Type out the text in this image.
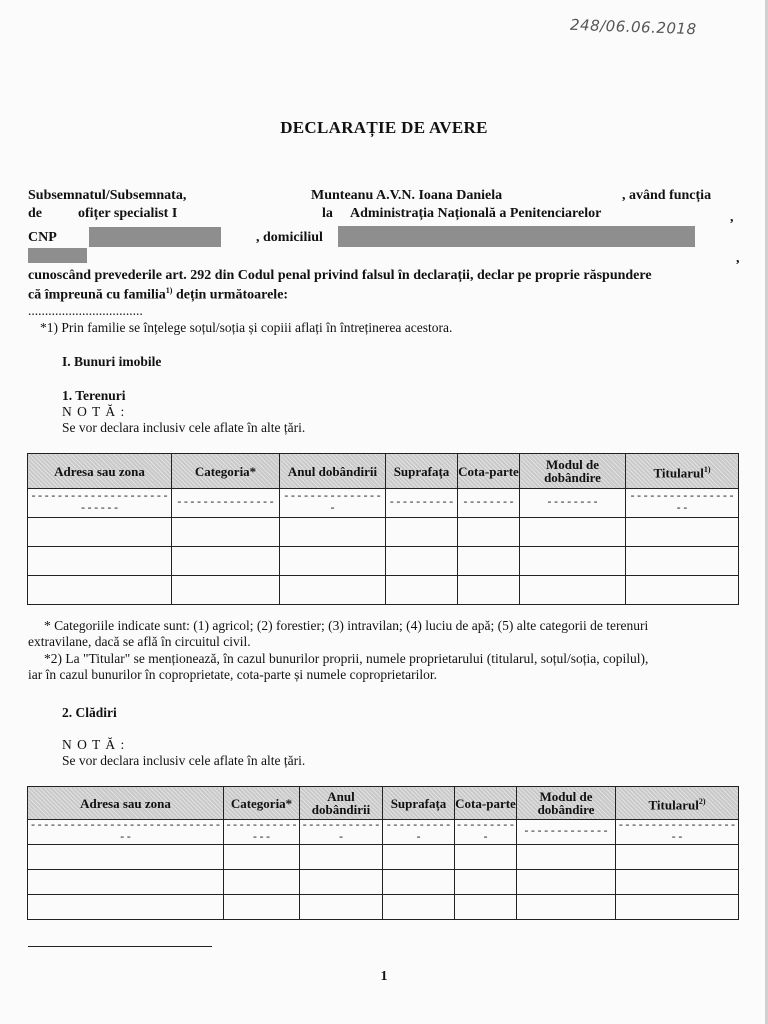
248/06.06.2018
DECLARAȚIE DE AVERE
Subsemnatul/Subsemnata,	Munteanu A.V.N. Ioana Daniela	, având funcția
de	ofițer specialist I	la Administrația Națională a Penitenciarelor	,
CNP	, domiciliul
,
cunoscând prevederile art. 292 din Codul penal privind falsul în declarații, declar pe proprie răspundere
că împreună cu familia$^{1)}$ dețin următoarele:
..................................
*1) Prin familie se înțelege soțul/soția și copiii aflați în întreținerea acestora.
I. Bunuri imobile
1. Terenuri
N O T Ă :
Se vor declara inclusiv cele aflate în alte țări.
Adresa sau zona	Categoria*	Anul dobândirii	Suprafața	Cota-parte	Modul de dobândire	Titularul$^{1)}$
---------------------------	---------------	----------------	----------	--------	--------	------------------

* Categoriile indicate sunt: (1) agricol; (2) forestier; (3) intravilan; (4) luciu de apă; (5) alte categorii de terenuri
extravilane, dacă se află în circuitul civil.
*2) La "Titular" se menționează, în cazul bunurilor proprii, numele proprietarului (titularul, soțul/soția, copilul),
iar în cazul bunurilor în coproprietate, cota-parte și numele coproprietarilor.
2. Clădiri
N O T Ă :
Se vor declara inclusiv cele aflate în alte țări.
Adresa sau zona	Categoria*	Anul dobândirii	Suprafața	Cota-parte	Modul de dobândire	Titularul$^{2)}$
-------------------------------	--------------	-------------	-----------	----------	-------------	--------------------

1
